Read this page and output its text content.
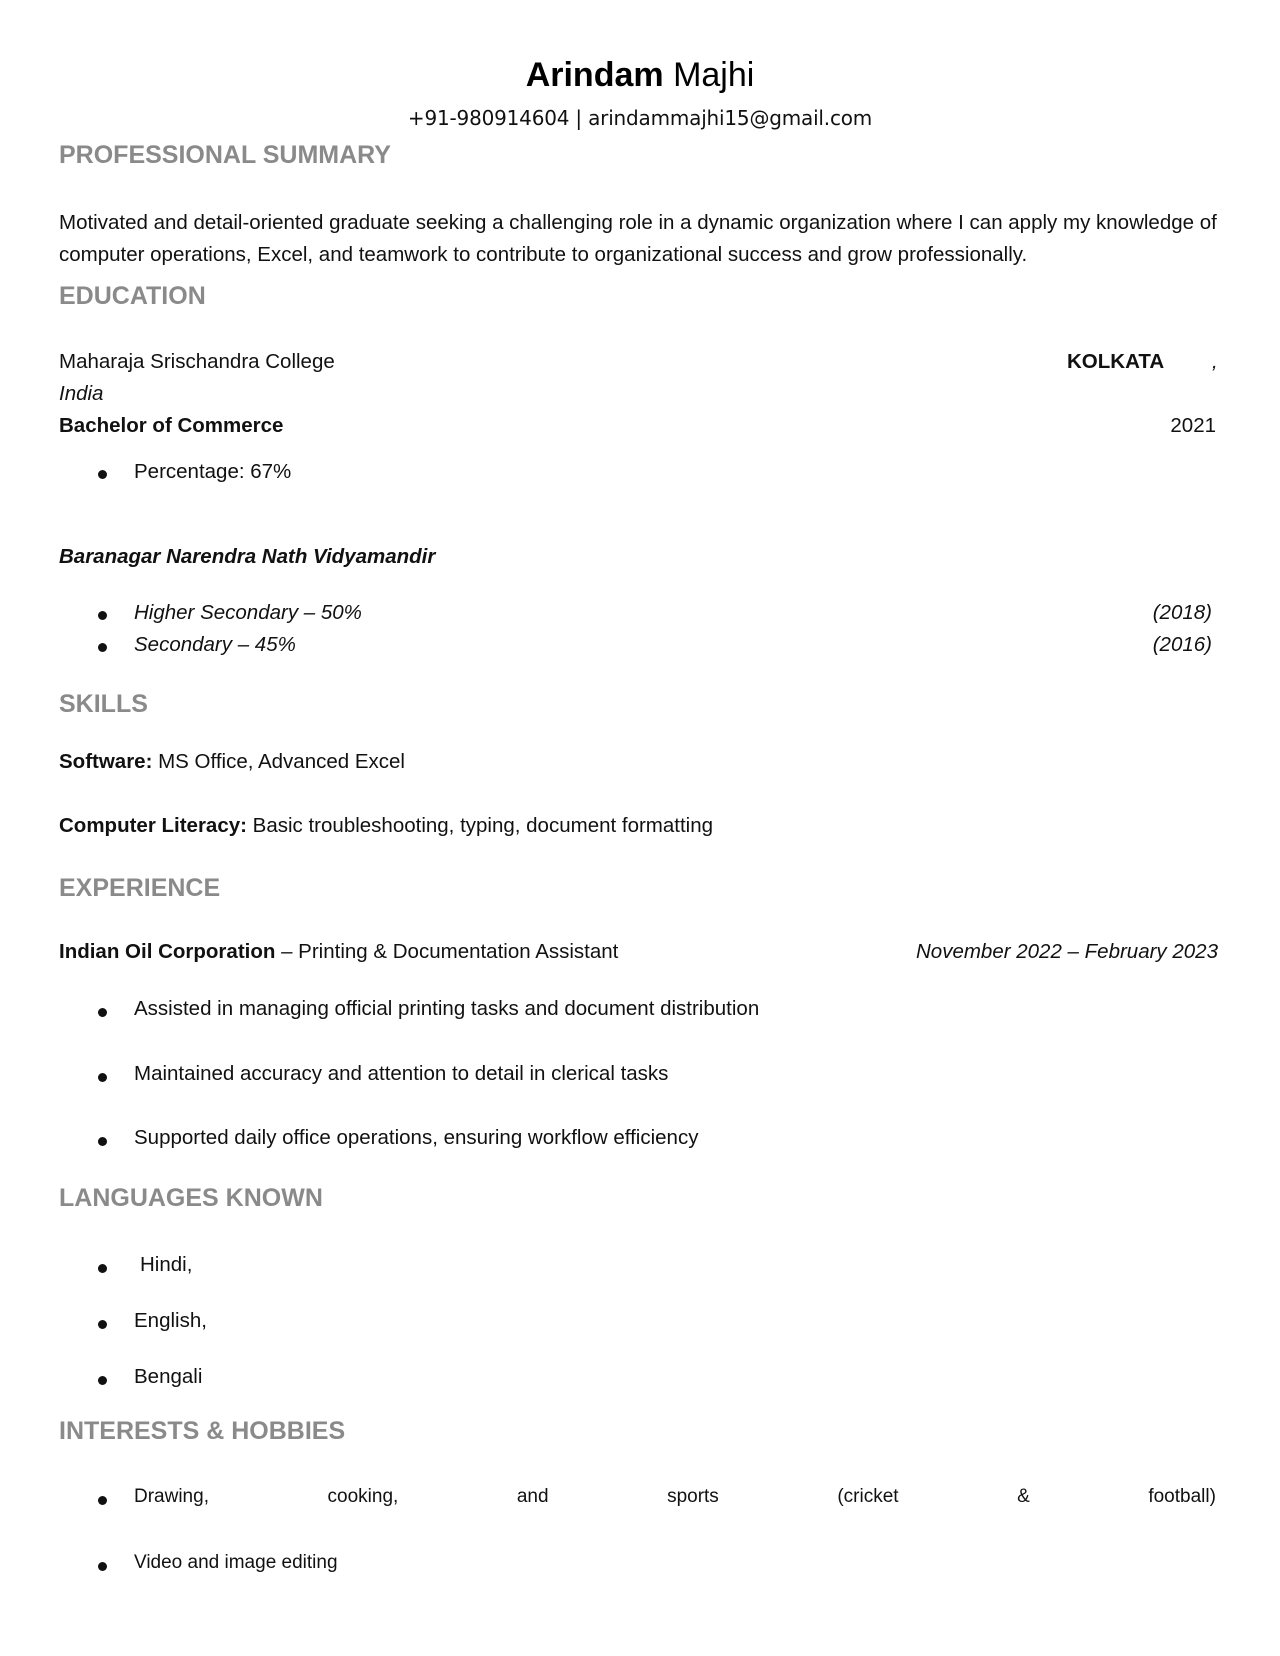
Arindam Majhi
+91-980914604 | arindammajhi15@gmail.com
PROFESSIONAL SUMMARY
Motivated and detail-oriented graduate seeking a challenging role in a dynamic organization where I can apply my knowledge of computer operations, Excel, and teamwork to contribute to organizational success and grow professionally.
EDUCATION
Maharaja Srischandra College	KOLKATA ,
India
Bachelor of Commerce	2021
Percentage: 67%
Baranagar Narendra Nath Vidyamandir
Higher Secondary – 50%	(2018)
Secondary – 45%	(2016)
SKILLS
Software: MS Office, Advanced Excel
Computer Literacy: Basic troubleshooting, typing, document formatting
EXPERIENCE
Indian Oil Corporation – Printing & Documentation Assistant	November 2022 – February 2023
Assisted in managing official printing tasks and document distribution
Maintained accuracy and attention to detail in clerical tasks
Supported daily office operations, ensuring workflow efficiency
LANGUAGES KNOWN
Hindi,
English,
Bengali
INTERESTS & HOBBIES
Drawing,	cooking,	and	sports	(cricket	&	football)
Video and image editing
